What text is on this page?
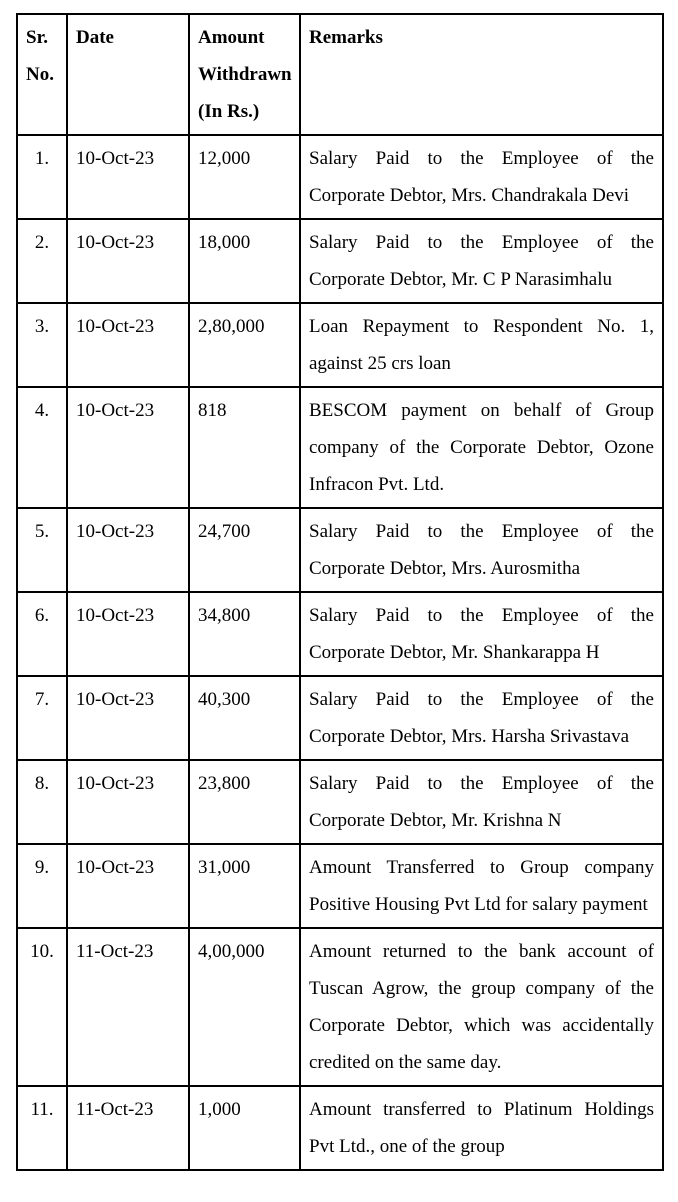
Sr. No.	Date	Amount Withdrawn (In Rs.)	Remarks
1.	10-Oct-23	12,000	Salary Paid to the Employee of the Corporate Debtor, Mrs. Chandrakala Devi
2.	10-Oct-23	18,000	Salary Paid to the Employee of the Corporate Debtor, Mr. C P Narasimhalu
3.	10-Oct-23	2,80,000	Loan Repayment to Respondent No. 1, against 25 crs loan
4.	10-Oct-23	818	BESCOM payment on behalf of Group company of the Corporate Debtor, Ozone Infracon Pvt. Ltd.
5.	10-Oct-23	24,700	Salary Paid to the Employee of the Corporate Debtor, Mrs. Aurosmitha
6.	10-Oct-23	34,800	Salary Paid to the Employee of the Corporate Debtor, Mr. Shankarappa H
7.	10-Oct-23	40,300	Salary Paid to the Employee of the Corporate Debtor, Mrs. Harsha Srivastava
8.	10-Oct-23	23,800	Salary Paid to the Employee of the Corporate Debtor, Mr. Krishna N
9.	10-Oct-23	31,000	Amount Transferred to Group company Positive Housing Pvt Ltd for salary payment
10.	11-Oct-23	4,00,000	Amount returned to the bank account of Tuscan Agrow, the group company of the Corporate Debtor, which was accidentally credited on the same day.
11.	11-Oct-23	1,000	Amount transferred to Platinum Holdings Pvt Ltd., one of the group
